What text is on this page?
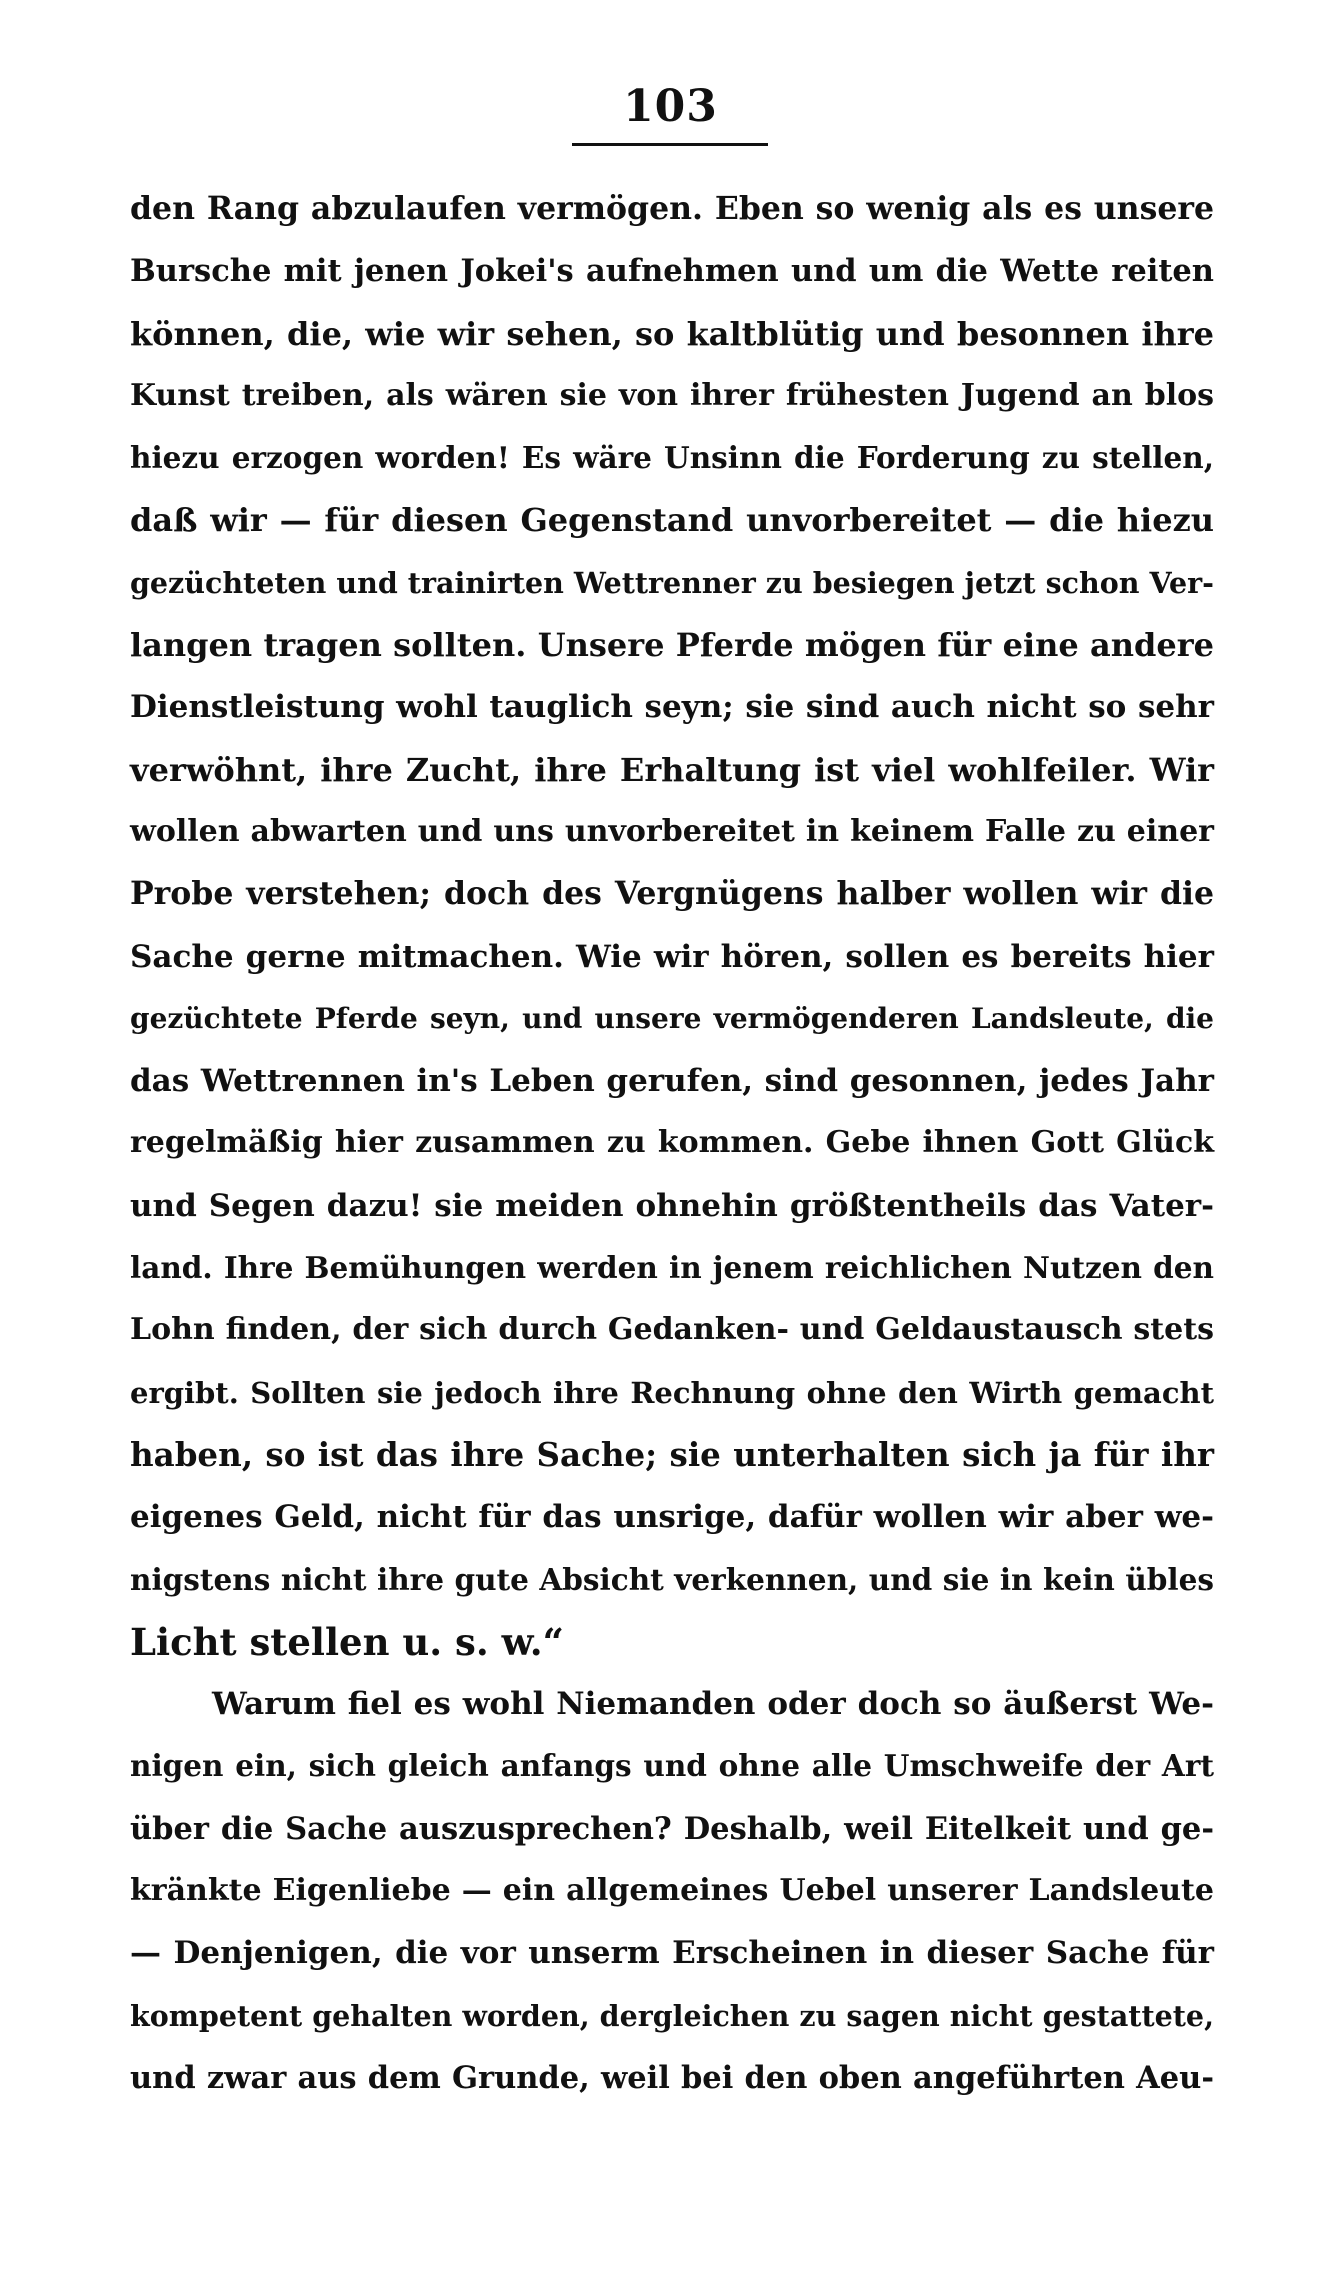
103
den Rang abzulaufen vermögen. Eben so wenig als es unsere
Bursche mit jenen Jokei's aufnehmen und um die Wette reiten
können, die, wie wir sehen, so kaltblütig und besonnen ihre
Kunst treiben, als wären sie von ihrer frühesten Jugend an blos
hiezu erzogen worden! Es wäre Unsinn die Forderung zu stellen,
daß wir — für diesen Gegenstand unvorbereitet — die hiezu
gezüchteten und trainirten Wettrenner zu besiegen jetzt schon Ver-
langen tragen sollten. Unsere Pferde mögen für eine andere
Dienstleistung wohl tauglich seyn; sie sind auch nicht so sehr
verwöhnt, ihre Zucht, ihre Erhaltung ist viel wohlfeiler. Wir
wollen abwarten und uns unvorbereitet in keinem Falle zu einer
Probe verstehen; doch des Vergnügens halber wollen wir die
Sache gerne mitmachen. Wie wir hören, sollen es bereits hier
gezüchtete Pferde seyn, und unsere vermögenderen Landsleute, die
das Wettrennen in's Leben gerufen, sind gesonnen, jedes Jahr
regelmäßig hier zusammen zu kommen. Gebe ihnen Gott Glück
und Segen dazu! sie meiden ohnehin größtentheils das Vater-
land. Ihre Bemühungen werden in jenem reichlichen Nutzen den
Lohn finden, der sich durch Gedanken- und Geldaustausch stets
ergibt. Sollten sie jedoch ihre Rechnung ohne den Wirth gemacht
haben, so ist das ihre Sache; sie unterhalten sich ja für ihr
eigenes Geld, nicht für das unsrige, dafür wollen wir aber we-
nigstens nicht ihre gute Absicht verkennen, und sie in kein übles
Licht stellen u. s. w.“
Warum fiel es wohl Niemanden oder doch so äußerst We-
nigen ein, sich gleich anfangs und ohne alle Umschweife der Art
über die Sache auszusprechen? Deshalb, weil Eitelkeit und ge-
kränkte Eigenliebe — ein allgemeines Uebel unserer Landsleute
— Denjenigen, die vor unserm Erscheinen in dieser Sache für
kompetent gehalten worden, dergleichen zu sagen nicht gestattete,
und zwar aus dem Grunde, weil bei den oben angeführten Aeu-
